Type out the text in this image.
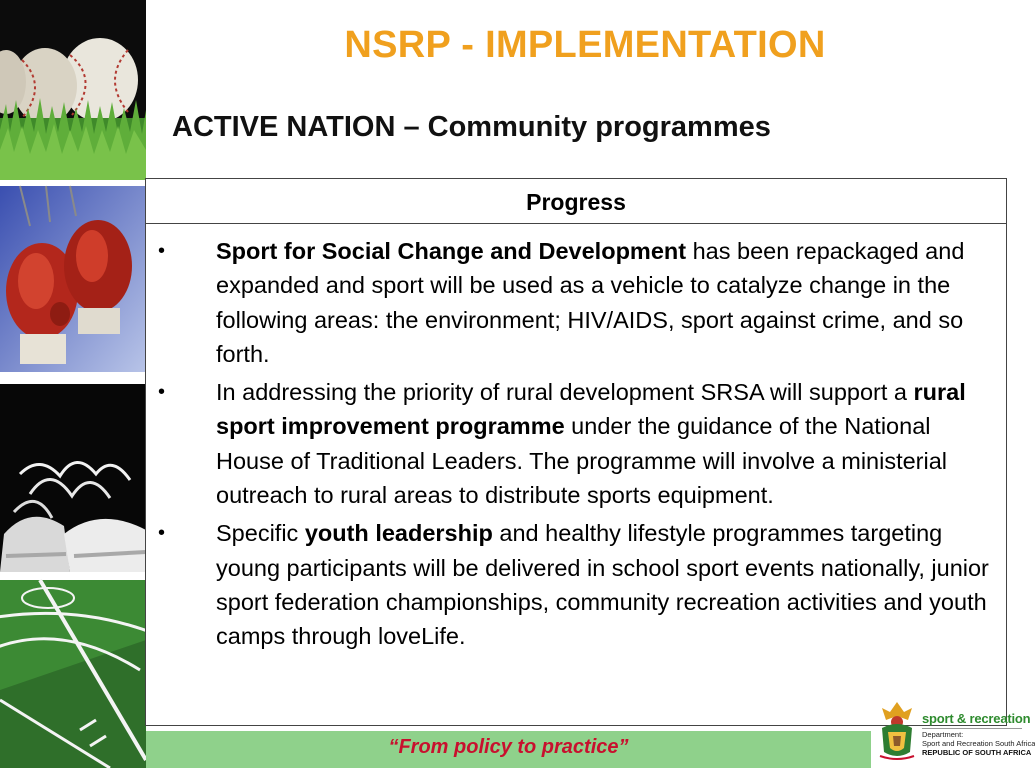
NSRP - IMPLEMENTATION
ACTIVE NATION – Community programmes
Progress
• Sport for Social Change and Development has been repackaged and expanded and sport will be used as a vehicle to catalyze change in the following areas: the environment; HIV/AIDS, sport against crime, and so forth.
• In addressing the priority of rural development SRSA will support a rural sport improvement programme under the guidance of the National House of Traditional Leaders. The programme will involve a ministerial outreach to rural areas to distribute sports equipment.
• Specific youth leadership and healthy lifestyle programmes targeting young participants will be delivered in school sport events nationally, junior sport federation championships, community recreation activities and youth camps through loveLife.
“From policy to practice”
sport & recreation
Department:
Sport and Recreation South Africa
REPUBLIC OF SOUTH AFRICA
